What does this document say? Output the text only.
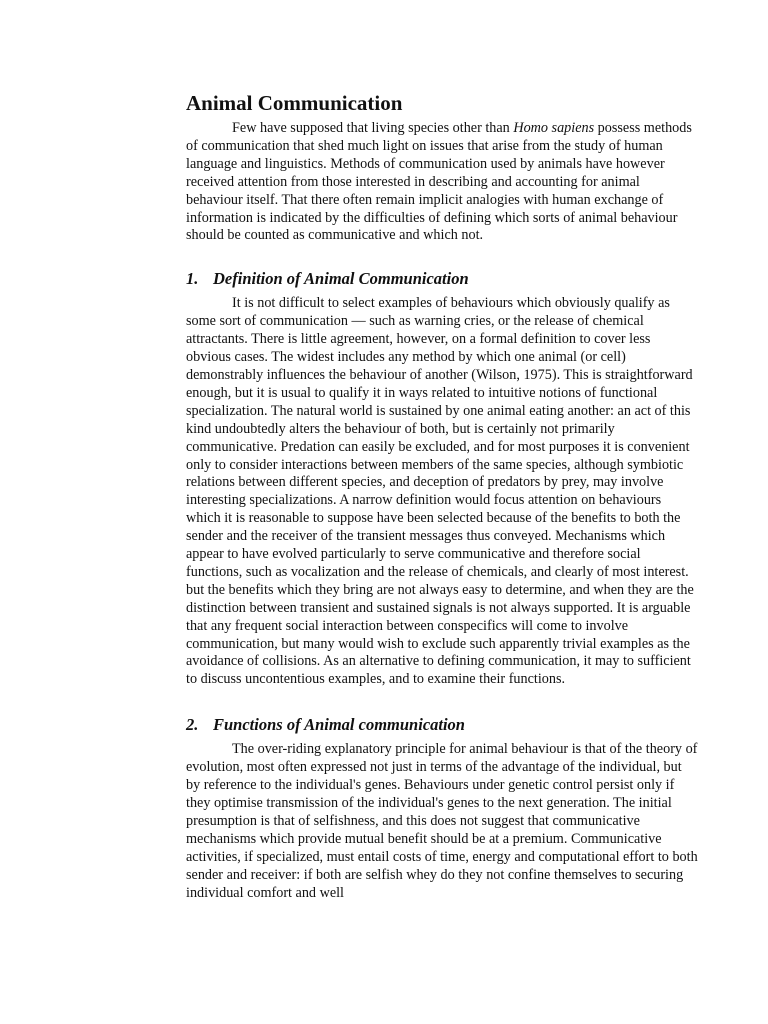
Animal Communication

Few have supposed that living species other than Homo sapiens possess methods of communication that shed much light on issues that arise from the study of human language and linguistics. Methods of communication used by animals have however received attention from those interested in describing and accounting for animal behaviour itself. That there often remain implicit analogies with human exchange of information is indicated by the difficulties of defining which sorts of animal behaviour should be counted as communicative and which not.

1. Definition of Animal Communication

It is not difficult to select examples of behaviours which obviously qualify as some sort of communication — such as warning cries, or the release of chemical attractants. There is little agreement, however, on a formal definition to cover less obvious cases. The widest includes any method by which one animal (or cell) demonstrably influences the behaviour of another (Wilson, 1975). This is straightforward enough, but it is usual to qualify it in ways related to intuitive notions of functional specialization. The natural world is sustained by one animal eating another: an act of this kind undoubtedly alters the behaviour of both, but is certainly not primarily communicative. Predation can easily be excluded, and for most purposes it is convenient only to consider interactions between members of the same species, although symbiotic relations between different species, and deception of predators by prey, may involve interesting specializations. A narrow definition would focus attention on behaviours which it is reasonable to suppose have been selected because of the benefits to both the sender and the receiver of the transient messages thus conveyed. Mechanisms which appear to have evolved particularly to serve communicative and therefore social functions, such as vocalization and the release of chemicals, and clearly of most interest. but the benefits which they bring are not always easy to determine, and when they are the distinction between transient and sustained signals is not always supported. It is arguable that any frequent social interaction between conspecifics will come to involve communication, but many would wish to exclude such apparently trivial examples as the avoidance of collisions. As an alternative to defining communication, it may to sufficient to discuss uncontentious examples, and to examine their functions.

2. Functions of Animal communication

The over-riding explanatory principle for animal behaviour is that of the theory of evolution, most often expressed not just in terms of the advantage of the individual, but by reference to the individual's genes. Behaviours under genetic control persist only if they optimise transmission of the individual's genes to the next generation. The initial presumption is that of selfishness, and this does not suggest that communicative mechanisms which provide mutual benefit should be at a premium. Communicative activities, if specialized, must entail costs of time, energy and computational effort to both sender and receiver: if both are selfish whey do they not confine themselves to securing individual comfort and well
